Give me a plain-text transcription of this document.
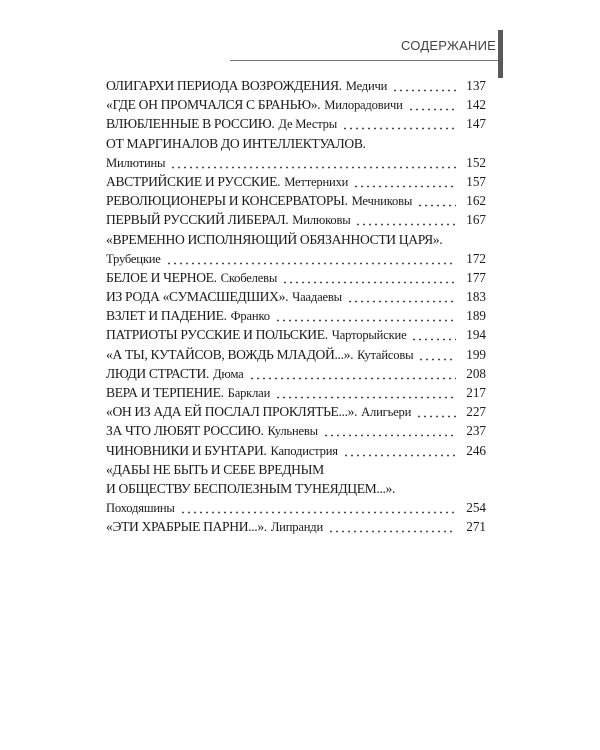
СОДЕРЖАНИЕ
ОЛИГАРХИ ПЕРИОДА ВОЗРОЖДЕНИЯ. Медичи	137
«ГДЕ ОН ПРОМЧАЛСЯ С БРАНЬЮ». Милорадовичи	142
ВЛЮБЛЕННЫЕ В РОССИЮ. Де Местры	147
ОТ МАРГИНАЛОВ ДО ИНТЕЛЛЕКТУАЛОВ.
Милютины	152
АВСТРИЙСКИЕ И РУССКИЕ. Меттернихи	157
РЕВОЛЮЦИОНЕРЫ И КОНСЕРВАТОРЫ. Мечниковы	162
ПЕРВЫЙ РУССКИЙ ЛИБЕРАЛ. Милюковы	167
«ВРЕМЕННО ИСПОЛНЯЮЩИЙ ОБЯЗАННОСТИ ЦАРЯ».
Трубецкие	172
БЕЛОЕ И ЧЕРНОЕ. Скобелевы	177
ИЗ РОДА «СУМАСШЕДШИХ». Чаадаевы	183
ВЗЛЕТ И ПАДЕНИЕ. Франко	189
ПАТРИОТЫ РУССКИЕ И ПОЛЬСКИЕ. Чарторыйские	194
«А ТЫ, КУТАЙСОВ, ВОЖДЬ МЛАДОЙ...». Кутайсовы	199
ЛЮДИ СТРАСТИ. Дюма	208
ВЕРА И ТЕРПЕНИЕ. Барклаи	217
«ОН ИЗ АДА ЕЙ ПОСЛАЛ ПРОКЛЯТЬЕ...». Алигьери	227
ЗА ЧТО ЛЮБЯТ РОССИЮ. Кульневы	237
ЧИНОВНИКИ И БУНТАРИ. Каподистрия	246
«ДАБЫ НЕ БЫТЬ И СЕБЕ ВРЕДНЫМ
И ОБЩЕСТВУ БЕСПОЛЕЗНЫМ ТУНЕЯДЦЕМ...».
Походяшины	254
«ЭТИ ХРАБРЫЕ ПАРНИ...». Липранди	271
